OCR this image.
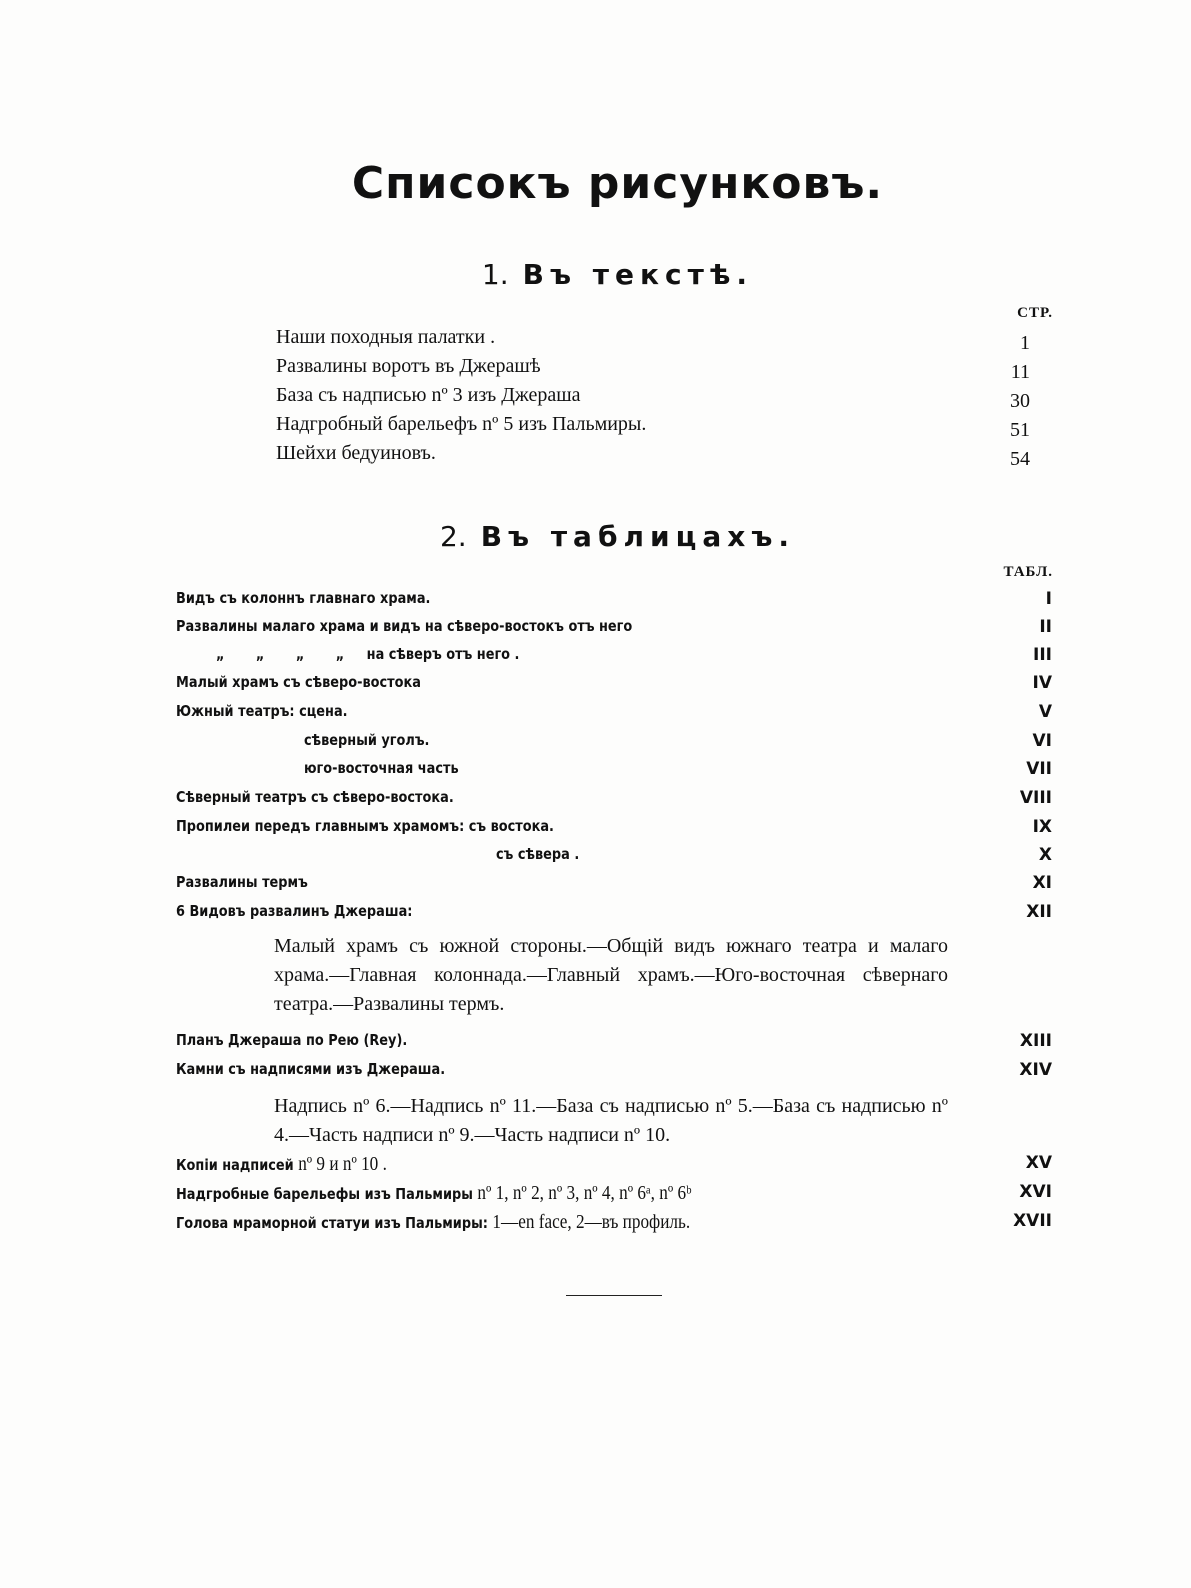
Списокъ рисунковъ.
1. Въ текстѣ.
СТР.
Наши походныя палатки .	1
Развалины воротъ въ Джерашѣ	11
База съ надписью nº 3 изъ Джераша	30
Надгробный барельефъ nº 5 изъ Пальмиры.	51
Шейхи бедуиновъ.	54
2. Въ таблицахъ.
ТАБЛ.
Видъ съ колоннъ главнаго храма.	I
Развалины малаго храма и видъ на сѣверо-востокъ отъ него	II
„       „       „       „     на сѣверъ отъ него .	III
Малый храмъ съ сѣверо-востока	IV
Южный театръ: сцена.	V
сѣверный уголъ.	VI
юго-восточная часть	VII
Сѣверный театръ съ сѣверо-востока.	VIII
Пропилеи передъ главнымъ храмомъ: съ востока.	IX
съ сѣвера .	X
Развалины термъ	XI
6 Видовъ развалинъ Джераша:	XII
Малый храмъ съ южной стороны.—Общій видъ южнаго театра и малаго храма.—Главная колоннада.—Главный храмъ.—Юго-восточная сѣвернаго театра.—Развалины термъ.
Планъ Джераша по Рею (Rey).	XIII
Камни съ надписями изъ Джераша.	XIV
Надпись nº 6.—Надпись nº 11.—База съ надписью nº 5.—База съ надписью nº 4.—Часть надписи nº 9.—Часть надписи nº 10.
Копіи надписей nº 9 и nº 10 .	XV
Надгробные барельефы изъ Пальмиры nº 1, nº 2, nº 3, nº 4, nº 6ᵃ, nº 6ᵇ	XVI
Голова мраморной статуи изъ Пальмиры: 1—en face, 2—въ профиль.	XVII
